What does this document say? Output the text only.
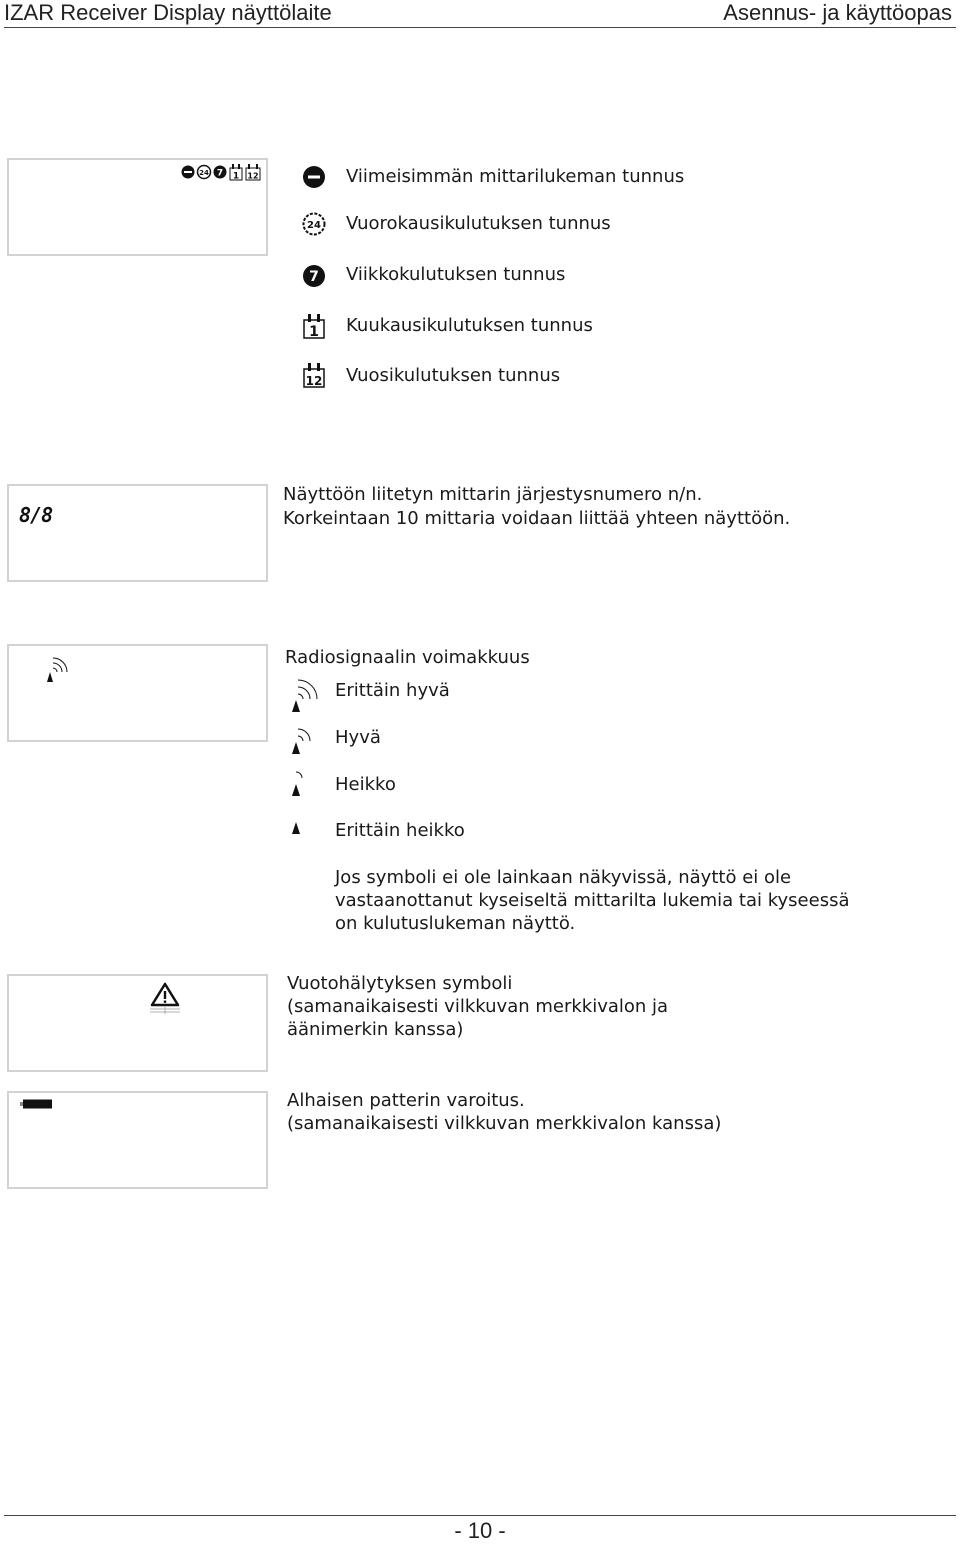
IZAR Receiver Display näyttölaite	Asennus- ja käyttöopas
24 7 1 12	Viimeisimmän mittarilukeman tunnus
24 Vuorokausikulutuksen tunnus
7 Viikkokulutuksen tunnus
1 Kuukausikulutuksen tunnus
12 Vuosikulutuksen tunnus
8/8
Näyttöön liitetyn mittarin järjestysnumero n/n.
Korkeintaan 10 mittaria voidaan liittää yhteen näyttöön.
Radiosignaalin voimakkuus
Erittäin hyvä
Hyvä
Heikko
Erittäin heikko
Jos symboli ei ole lainkaan näkyvissä, näyttö ei ole
vastaanottanut kyseiseltä mittarilta lukemia tai kyseessä
on kulutuslukeman näyttö.
Vuotohälytyksen symboli
(samanaikaisesti vilkkuvan merkkivalon ja
äänimerkin kanssa)
Alhaisen patterin varoitus.
(samanaikaisesti vilkkuvan merkkivalon kanssa)
- 10 -
